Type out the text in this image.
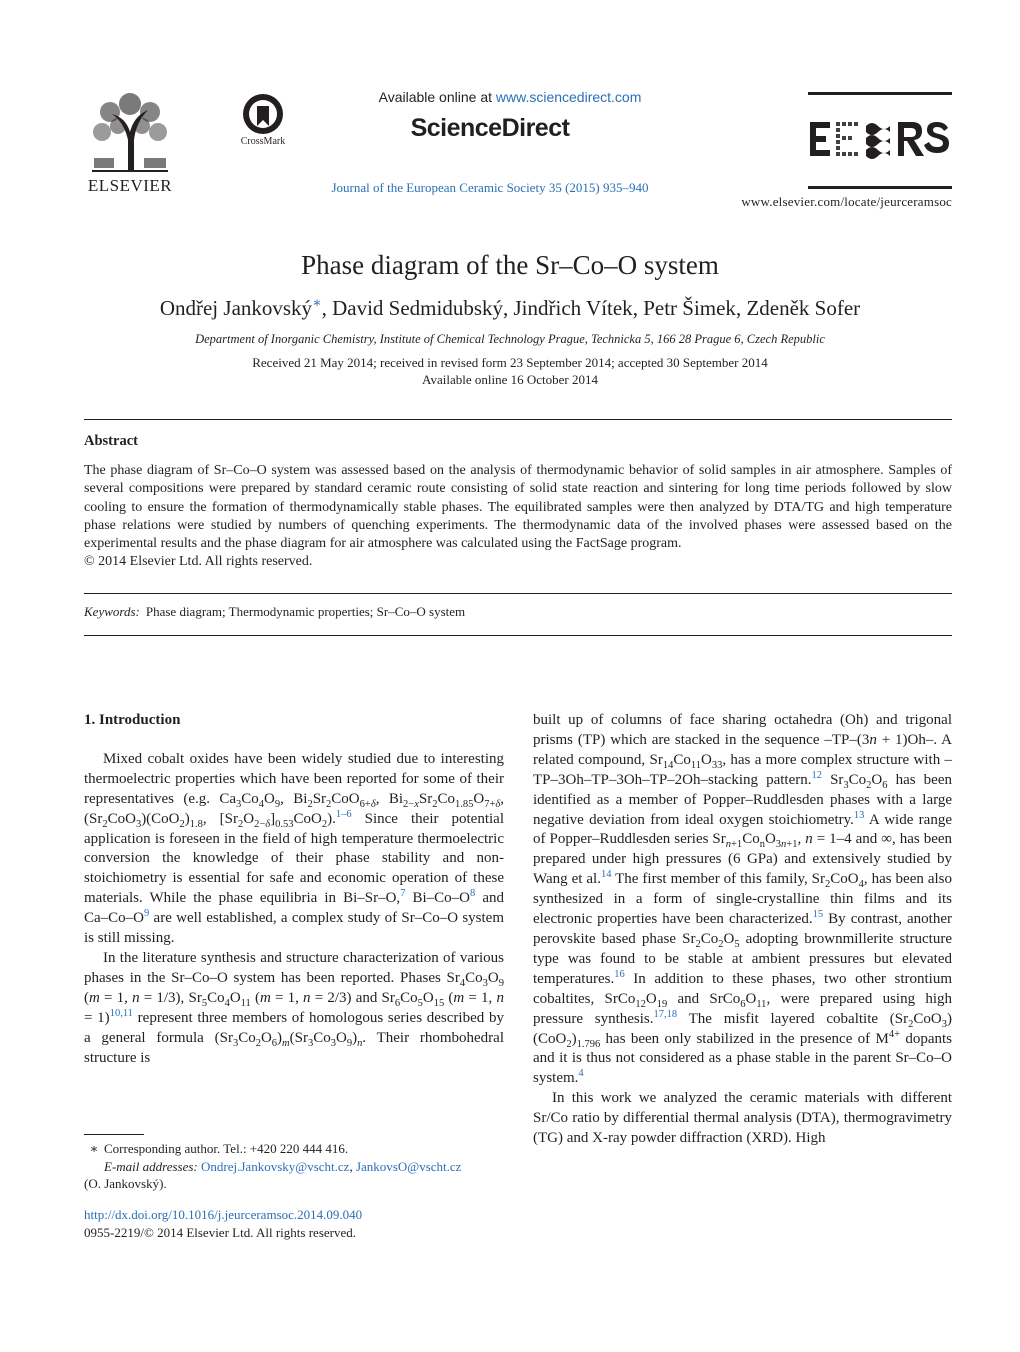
ELSEVIER
CrossMark
Available online at www.sciencedirect.com
ScienceDirect
Journal of the European Ceramic Society 35 (2015) 935–940
www.elsevier.com/locate/jeurceramsoc
Phase diagram of the Sr–Co–O system
Ondřej Jankovský∗, David Sedmidubský, Jindřich Vítek, Petr Šimek, Zdeněk Sofer
Department of Inorganic Chemistry, Institute of Chemical Technology Prague, Technicka 5, 166 28 Prague 6, Czech Republic
Received 21 May 2014; received in revised form 23 September 2014; accepted 30 September 2014
Available online 16 October 2014
Abstract
The phase diagram of Sr–Co–O system was assessed based on the analysis of thermodynamic behavior of solid samples in air atmosphere. Samples of several compositions were prepared by standard ceramic route consisting of solid state reaction and sintering for long time periods followed by slow cooling to ensure the formation of thermodynamically stable phases. The equilibrated samples were then analyzed by DTA/TG and high temperature phase relations were studied by numbers of quenching experiments. The thermodynamic data of the involved phases were assessed based on the experimental results and the phase diagram for air atmosphere was calculated using the FactSage program.
© 2014 Elsevier Ltd. All rights reserved.
Keywords: Phase diagram; Thermodynamic properties; Sr–Co–O system
1. Introduction

Mixed cobalt oxides have been widely studied due to interesting thermoelectric properties which have been reported for some of their representatives (e.g. $Ca_3Co_4O_9$, $Bi_2Sr_2CoO_{6+\delta}$, $Bi_{2-x}Sr_2Co_{1.85}O_{7+\delta}$, $(Sr_2CoO_3)(CoO_2)_{1.8}$, $[Sr_2O_{2-\delta}]_{0.53}CoO_2).^{1-6}$ Since their potential application is foreseen in the field of high temperature thermoelectric conversion the knowledge of their phase stability and non-stoichiometry is essential for safe and economic operation of these materials. While the phase equilibria in Bi–Sr–O,$^7$ Bi–Co–O$^8$ and Ca–Co–O$^9$ are well established, a complex study of Sr–Co–O system is still missing.

In the literature synthesis and structure characterization of various phases in the Sr–Co–O system has been reported. Phases $Sr_4Co_3O_9$ (m = 1, n = 1/3), $Sr_5Co_4O_{11}$ (m = 1, n = 2/3) and $Sr_6Co_5O_{15}$ (m = 1, n = 1)$^{10,11}$ represent three members of homologous series described by a general formula $(Sr_3Co_2O_6)_m(Sr_3Co_3O_9)_n$. Their rhombohedral structure is

built up of columns of face sharing octahedra (Oh) and trigonal prisms (TP) which are stacked in the sequence –TP–(3n + 1)Oh–. A related compound, $Sr_{14}Co_{11}O_{33}$, has a more complex structure with –TP–3Oh–TP–3Oh–TP–2Oh–stacking pattern.$^{12}$ $Sr_3Co_2O_6$ has been identified as a member of Popper–Ruddlesden phases with a large negative deviation from ideal oxygen stoichiometry.$^{13}$ A wide range of Popper–Ruddlesden series $Sr_{n+1}Co_nO_{3n+1}$, n = 1–4 and ∞, has been prepared under high pressures (6 GPa) and extensively studied by Wang et al.$^{14}$ The first member of this family, $Sr_2CoO_4$, has been also synthesized in a form of single-crystalline thin films and its electronic properties have been characterized.$^{15}$ By contrast, another perovskite based phase $Sr_2Co_2O_5$ adopting brownmillerite structure type was found to be stable at ambient pressures but elevated temperatures.$^{16}$ In addition to these phases, two other strontium cobaltites, $SrCo_{12}O_{19}$ and $SrCo_6O_{11}$, were prepared using high pressure synthesis.$^{17,18}$ The misfit layered cobaltite $(Sr_2CoO_3)(CoO_2)_{1.796}$ has been only stabilized in the presence of $M^{4+}$ dopants and it is thus not considered as a phase stable in the parent Sr–Co–O system.$^4$

In this work we analyzed the ceramic materials with different Sr/Co ratio by differential thermal analysis (DTA), thermogravimetry (TG) and X-ray powder diffraction (XRD). High

∗ Corresponding author. Tel.: +420 220 444 416.
E-mail addresses: Ondrej.Jankovsky@vscht.cz, JankovsO@vscht.cz
(O. Jankovský).
http://dx.doi.org/10.1016/j.jeurceramsoc.2014.09.040
0955-2219/© 2014 Elsevier Ltd. All rights reserved.
